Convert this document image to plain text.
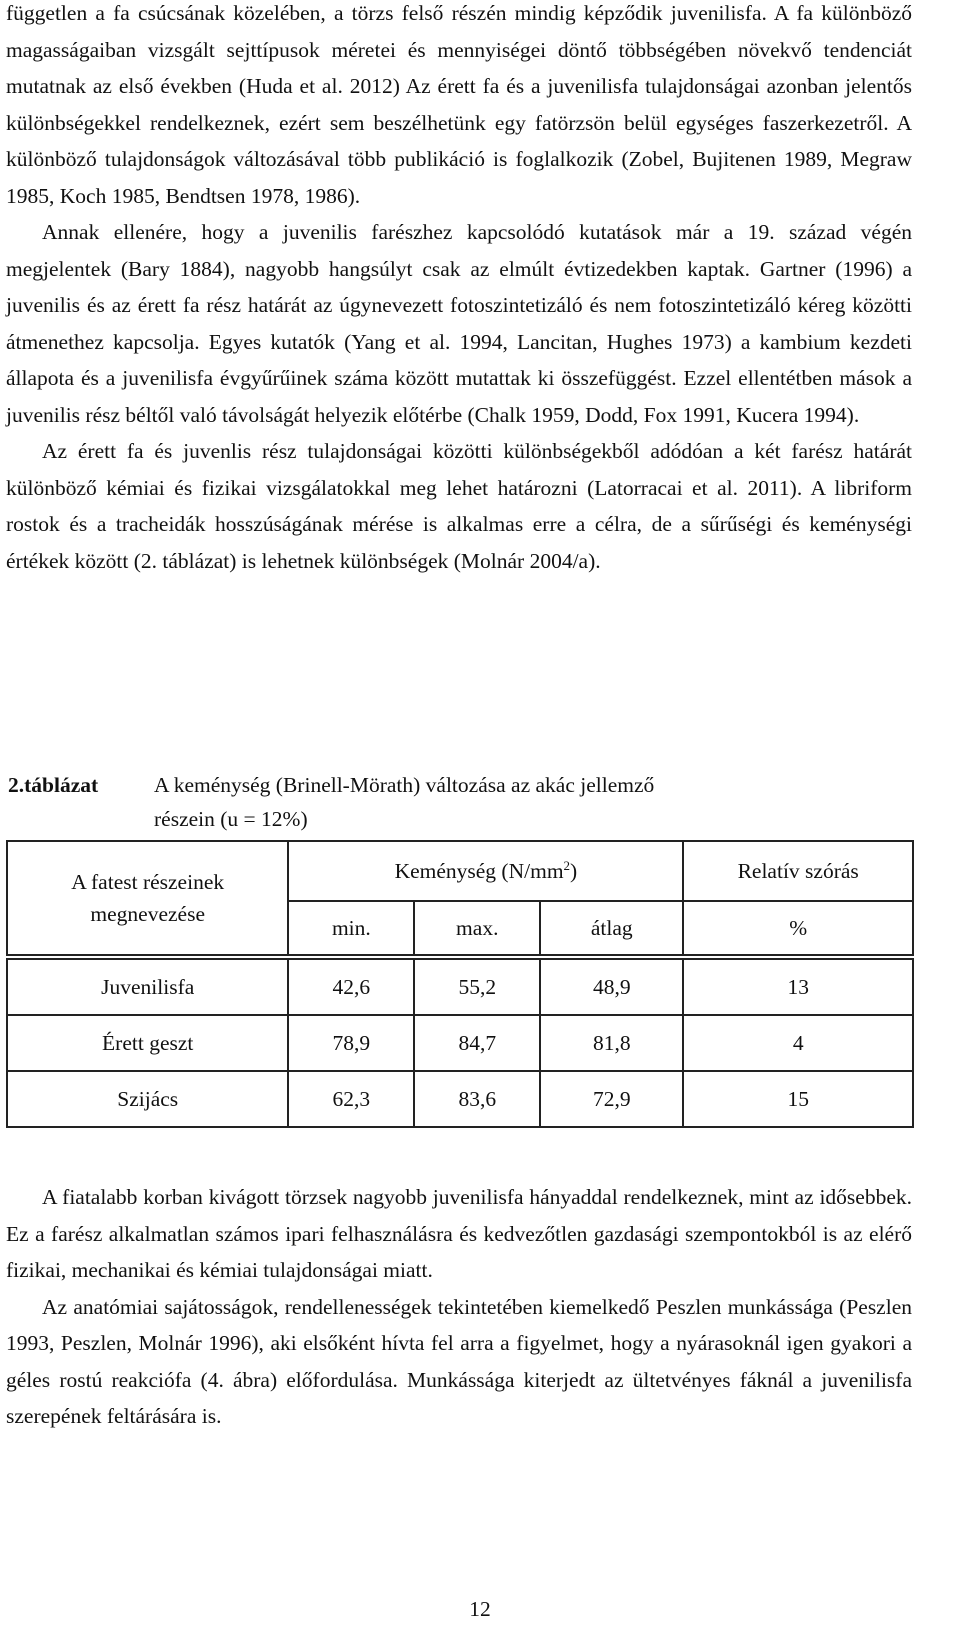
független a fa csúcsának közelében, a törzs felső részén mindig képződik juvenilisfa. A fa különböző magasságaiban vizsgált sejttípusok méretei és mennyiségei döntő többségében növekvő tendenciát mutatnak az első években (Huda et al. 2012) Az érett fa és a juvenilisfa tulajdonságai azonban jelentős különbségekkel rendelkeznek, ezért sem beszélhetünk egy fatörzsön belül egységes faszerkezetről. A különböző tulajdonságok változásával több publikáció is foglalkozik (Zobel, Bujitenen 1989, Megraw 1985, Koch 1985, Bendtsen 1978, 1986).

Annak ellenére, hogy a juvenilis farészhez kapcsolódó kutatások már a 19. század végén megjelentek (Bary 1884), nagyobb hangsúlyt csak az elmúlt évtizedekben kaptak. Gartner (1996) a juvenilis és az érett fa rész határát az úgynevezett fotoszintetizáló és nem fotoszintetizáló kéreg közötti átmenethez kapcsolja. Egyes kutatók (Yang et al. 1994, Lancitan, Hughes 1973) a kambium kezdeti állapota és a juvenilisfa évgyűrűinek száma között mutattak ki összefüggést. Ezzel ellentétben mások a juvenilis rész béltől való távolságát helyezik előtérbe (Chalk 1959, Dodd, Fox 1991, Kucera 1994).

Az érett fa és juvenlis rész tulajdonságai közötti különbségekből adódóan a két farész határát különböző kémiai és fizikai vizsgálatokkal meg lehet határozni (Latorracai et al. 2011). A libriform rostok és a tracheidák hosszúságának mérése is alkalmas erre a célra, de a sűrűségi és keménységi értékek között (2. táblázat) is lehetnek különbségek (Molnár 2004/a).

2.táblázat	A keménység (Brinell-Mörath) változása az akác jellemző
részein (u = 12%)
A fatest részeinek
megnevezése	Keménység $(N/mm^2)$			Relatív szórás
	min.	max.	átlag	%

Juvenilisfa	42,6	55,2	48,9	13
Érett geszt	78,9	84,7	81,8	4
Szijács	62,3	83,6	72,9	15

A fiatalabb korban kivágott törzsek nagyobb juvenilisfa hányaddal rendelkeznek, mint az idősebbek. Ez a farész alkalmatlan számos ipari felhasználásra és kedvezőtlen gazdasági szempontokból is az elérő fizikai, mechanikai és kémiai tulajdonságai miatt.

Az anatómiai sajátosságok, rendellenességek tekintetében kiemelkedő Peszlen munkássága (Peszlen 1993, Peszlen, Molnár 1996), aki elsőként hívta fel arra a figyelmet, hogy a nyárasoknál igen gyakori a géles rostú reakciófa (4. ábra) előfordulása. Munkássága kiterjedt az ültetvényes fáknál a juvenilisfa szerepének feltárására is.

12
